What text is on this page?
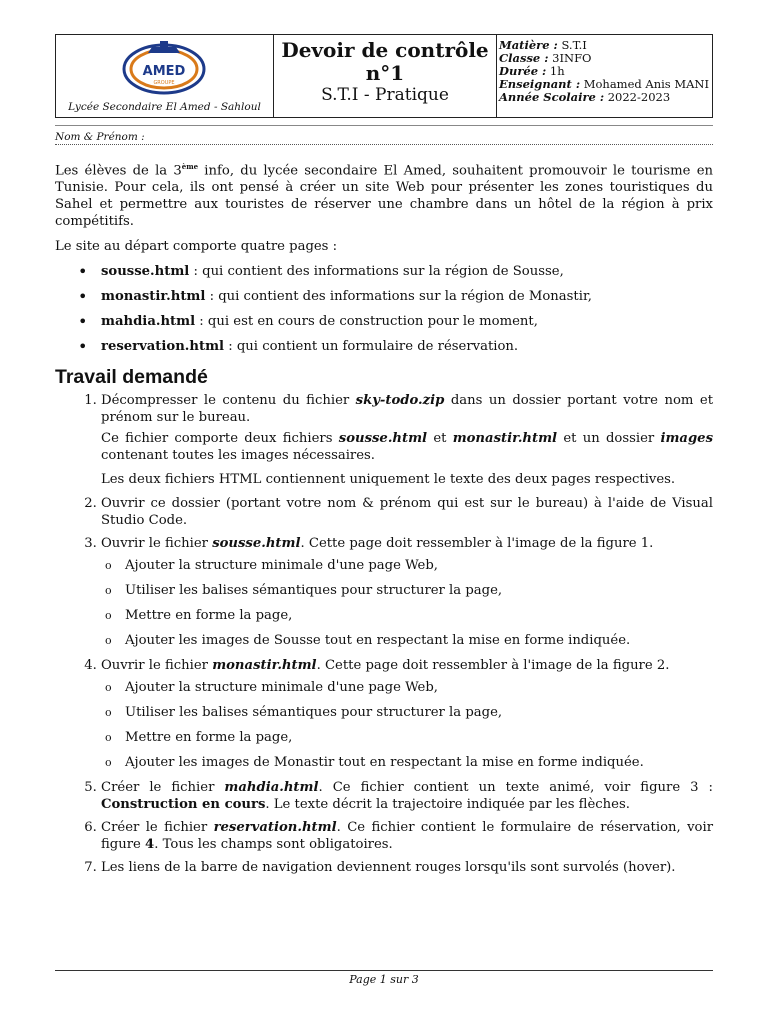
AMED
GROUPE
Lycée Secondaire El Amed - Sahloul
Devoir de contrôle
n°1
S.T.I - Pratique
Matière : S.T.I
Classe : 3INFO
Durée : 1h
Enseignant : Mohamed Anis MANI
Année Scolaire : 2022-2023
Nom & Prénom :

Les élèves de la 3ème info, du lycée secondaire El Amed, souhaitent promouvoir le tourisme en Tunisie. Pour cela, ils ont pensé à créer un site Web pour présenter les zones touristiques du Sahel et permettre aux touristes de réserver une chambre dans un hôtel de la région à prix compétitifs.

Le site au départ comporte quatre pages :

• sousse.html : qui contient des informations sur la région de Sousse,
• monastir.html : qui contient des informations sur la région de Monastir,
• mahdia.html : qui est en cours de construction pour le moment,
• reservation.html : qui contient un formulaire de réservation.
Travail demandé
1. Décompresser le contenu du fichier sky-todo.zip dans un dossier portant votre nom et prénom sur le bureau.

Ce fichier comporte deux fichiers sousse.html et monastir.html et un dossier images contenant toutes les images nécessaires.

Les deux fichiers HTML contiennent uniquement le texte des deux pages respectives.

2. Ouvrir ce dossier (portant votre nom & prénom qui est sur le bureau) à l'aide de Visual Studio Code.
3. Ouvrir le fichier sousse.html. Cette page doit ressembler à l'image de la figure 1.
o Ajouter la structure minimale d'une page Web,
o Utiliser les balises sémantiques pour structurer la page,
o Mettre en forme la page,
o Ajouter les images de Sousse tout en respectant la mise en forme indiquée.
4. Ouvrir le fichier monastir.html. Cette page doit ressembler à l'image de la figure 2.
o Ajouter la structure minimale d'une page Web,
o Utiliser les balises sémantiques pour structurer la page,
o Mettre en forme la page,
o Ajouter les images de Monastir tout en respectant la mise en forme indiquée.
5. Créer le fichier mahdia.html. Ce fichier contient un texte animé, voir figure 3 : Construction en cours. Le texte décrit la trajectoire indiquée par les flèches.
6. Créer le fichier reservation.html. Ce fichier contient le formulaire de réservation, voir figure 4. Tous les champs sont obligatoires.
7. Les liens de la barre de navigation deviennent rouges lorsqu'ils sont survolés (hover).
Page 1 sur 3
